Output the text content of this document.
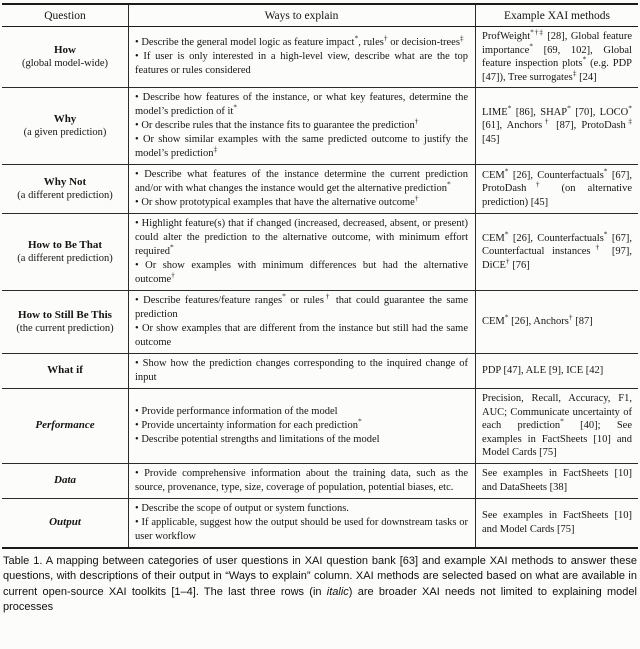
Question	Ways to explain	Example XAI methods
How
(global model-wide)
• Describe the general model logic as feature impact*, rules† or decision-trees‡
• If user is only interested in a high-level view, describe what are the top features or rules considered
ProfWeight*†‡ [28], Global feature importance* [69, 102], Global feature inspection plots* (e.g. PDP [47]), Tree surrogates‡ [24]
Why
(a given prediction)
• Describe how features of the instance, or what key features, determine the model’s prediction of it*
• Or describe rules that the instance fits to guarantee the prediction†
• Or show similar examples with the same predicted outcome to justify the model’s prediction‡
LIME* [86], SHAP* [70], LOCO* [61], Anchors† [87], ProtoDash‡ [45]
Why Not
(a different prediction)
• Describe what features of the instance determine the current prediction and/or with what changes the instance would get the alternative prediction*
• Or show prototypical examples that have the alternative outcome†
CEM* [26], Counterfactuals* [67], ProtoDash† (on alternative prediction) [45]
How to Be That
(a different prediction)
• Highlight feature(s) that if changed (increased, decreased, absent, or present) could alter the prediction to the alternative outcome, with minimum effort required*
• Or show examples with minimum differences but had the alternative outcome†
CEM* [26], Counterfactuals* [67], Counterfactual instances† [97], DiCE† [76]
How to Still Be This
(the current prediction)
• Describe features/feature ranges* or rules† that could guarantee the same prediction
• Or show examples that are different from the instance but still had the same outcome
CEM* [26], Anchors† [87]
What if
• Show how the prediction changes corresponding to the inquired change of input
PDP [47], ALE [9], ICE [42]
Performance
• Provide performance information of the model
• Provide uncertainty information for each prediction*
• Describe potential strengths and limitations of the model
Precision, Recall, Accuracy, F1, AUC; Communicate uncertainty of each prediction* [40]; See examples in FactSheets [10] and Model Cards [75]
Data
• Provide comprehensive information about the training data, such as the source, provenance, type, size, coverage of population, potential biases, etc.
See examples in FactSheets [10] and DataSheets [38]
Output
• Describe the scope of output or system functions.
• If applicable, suggest how the output should be used for downstream tasks or user workflow
See examples in FactSheets [10] and Model Cards [75]

Table 1. A mapping between categories of user questions in XAI question bank [63] and example XAI methods to answer these questions, with descriptions of their output in “Ways to explain” column. XAI methods are selected based on what are available in current open-source XAI toolkits [1–4]. The last three rows (in italic) are broader XAI needs not limited to explaining model processes
